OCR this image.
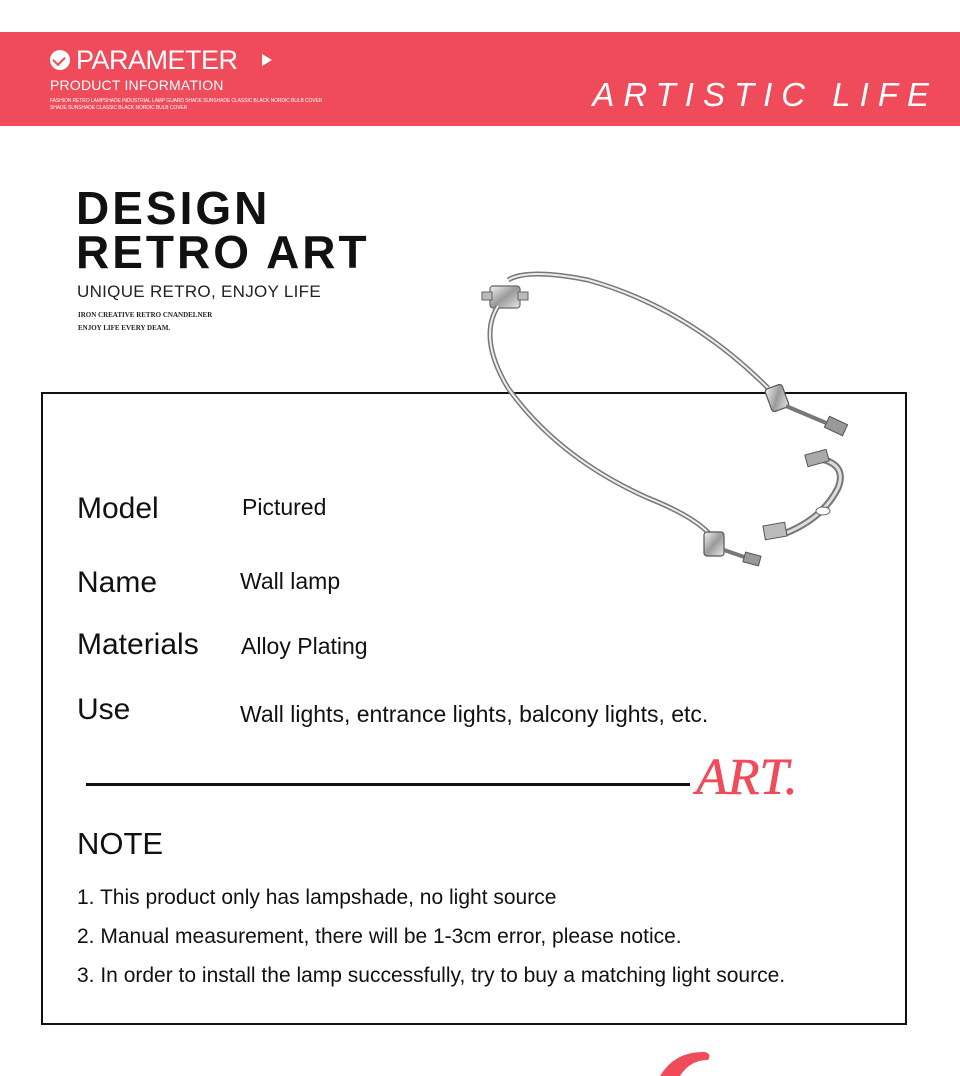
PARAMETER
PRODUCT INFORMATION
FASHION RETRO LAMPSHADE INDUSTRIAL LAMP GUARD SHADE SUNSHADE CLASSIC BLACK NORDIC BULB COVER SHADE SUNSHADE CLASSIC BLACK NORDIC BULB COVER	ARTISTIC LIFE
DESIGN
RETRO ART
UNIQUE RETRO, ENJOY LIFE
IRON CREATIVE RETRO CNANDELNER
ENJOY LIFE EVERY DEAM.
Model	Pictured
Name	Wall lamp
Materials Alloy Plating
Use	Wall lights, entrance lights, balcony lights, etc.
ART.
NOTE
1. This product only has lampshade, no light source
2. Manual measurement, there will be 1-3cm error, please notice.
3. In order to install the lamp successfully, try to buy a matching light source.
